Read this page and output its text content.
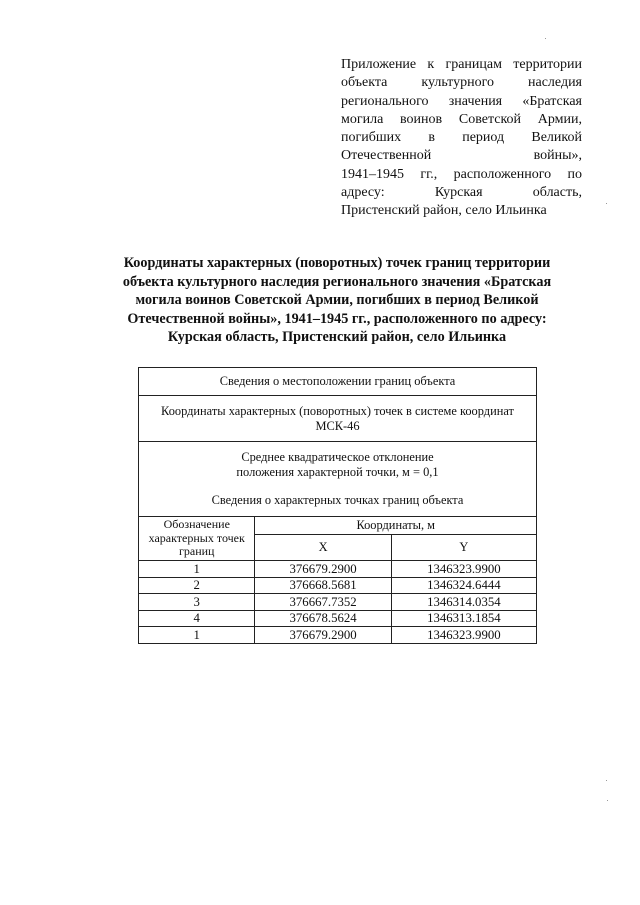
Приложение к границам территории
объекта культурного наследия
регионального значения «Братская
могила воинов Советской Армии,
погибших в период Великой
Отечественной войны»,
1941–1945 гг., расположенного по
адресу: Курская область,
Пристенский район, село Ильинка
Координаты характерных (поворотных) точек границ территории
объекта культурного наследия регионального значения «Братская
могила воинов Советской Армии, погибших в период Великой
Отечественной войны», 1941–1945 гг., расположенного по адресу:
Курская область, Пристенский район, село Ильинка
Сведения о местоположении границ объекта		

Координаты характерных (поворотных) точек в системе координат
МСК-46		

Среднее квадратическое отклонение
положения характерной точки, м = 0,1
Сведения о характерных точках границ объекта		

Обозначение
характерных точек
границ	Координаты, м	
	X	Y
1	376679.2900	1346323.9900
2	376668.5681	1346324.6444
3	376667.7352	1346314.0354
4	376678.5624	1346313.1854
1	376679.2900	1346323.9900
